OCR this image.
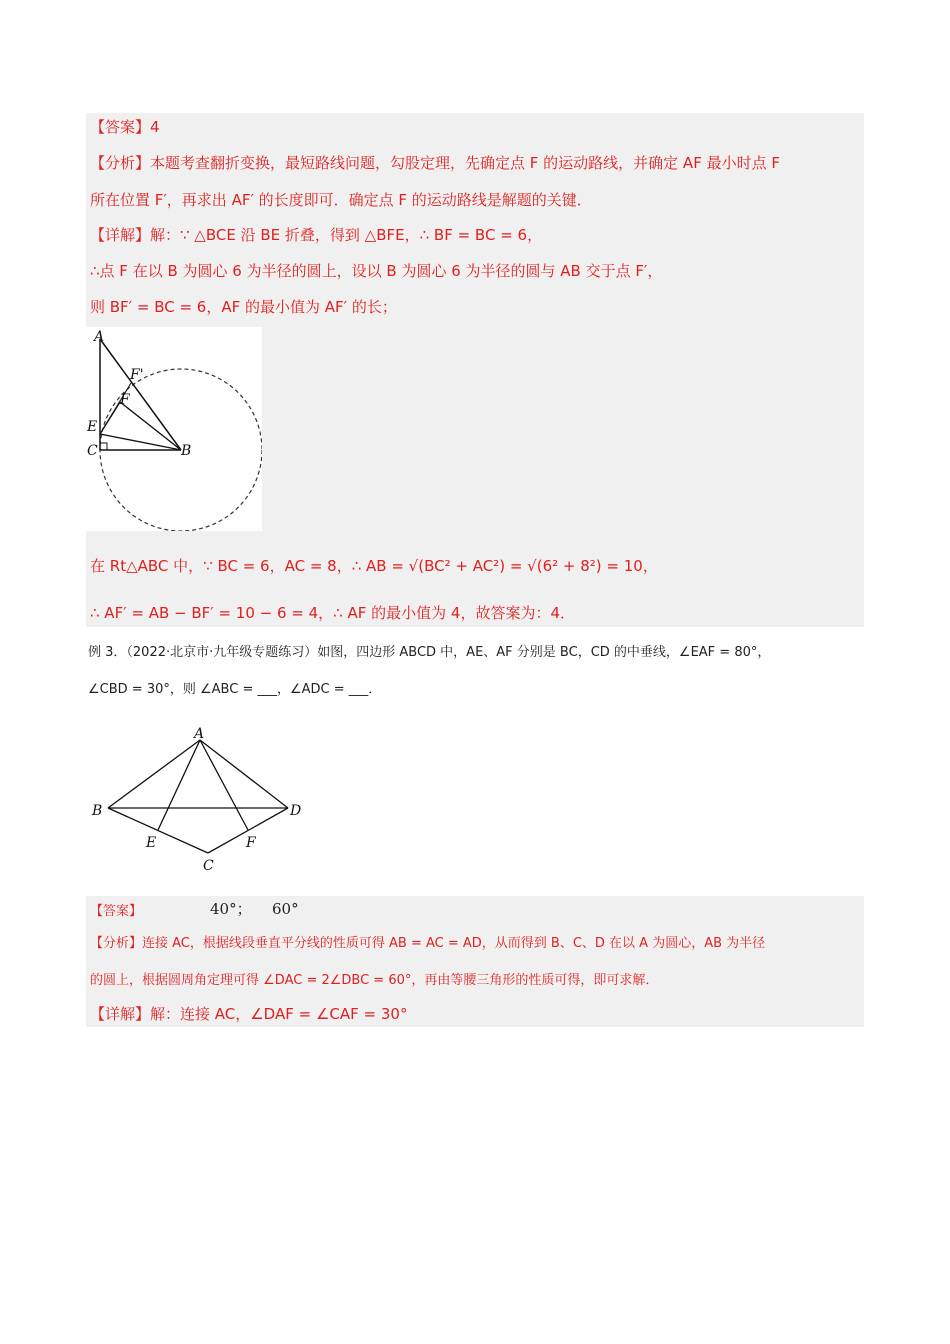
【答案】4
【分析】本题考查翻折变换，最短路线问题，勾股定理，先确定点 F 的运动路线，并确定 AF 最小时点 F
所在位置 F′，再求出 AF′ 的长度即可．确定点 F 的运动路线是解题的关键．
【详解】解：∵ △BCE 沿 BE 折叠，得到 △BFE，∴ BF = BC = 6，
∴点 F 在以 B 为圆心 6 为半径的圆上，设以 B 为圆心 6 为半径的圆与 AB 交于点 F′，
则 BF′ = BC = 6，AF 的最小值为 AF′ 的长；
A
F'
F
E
C	B
在 Rt△ABC 中，∵ BC = 6，AC = 8，∴ AB = √(BC² + AC²) = √(6² + 8²) = 10，
∴ AF′ = AB − BF′ = 10 − 6 = 4，∴ AF 的最小值为 4，故答案为：4．
例 3．（2022·北京市·九年级专题练习）如图，四边形 ABCD 中，AE、AF 分别是 BC，CD 的中垂线，∠EAF = 80°，
∠CBD = 30°，则 ∠ABC = ___，∠ADC = ___．
A
B	D
E	F
C
【答案】	40°； 60°
【分析】连接 AC，根据线段垂直平分线的性质可得 AB = AC = AD，从而得到 B、C、D 在以 A 为圆心，AB 为半径
的圆上，根据圆周角定理可得 ∠DAC = 2∠DBC = 60°，再由等腰三角形的性质可得，即可求解．
【详解】解：连接 AC，∠DAF = ∠CAF = 30°
